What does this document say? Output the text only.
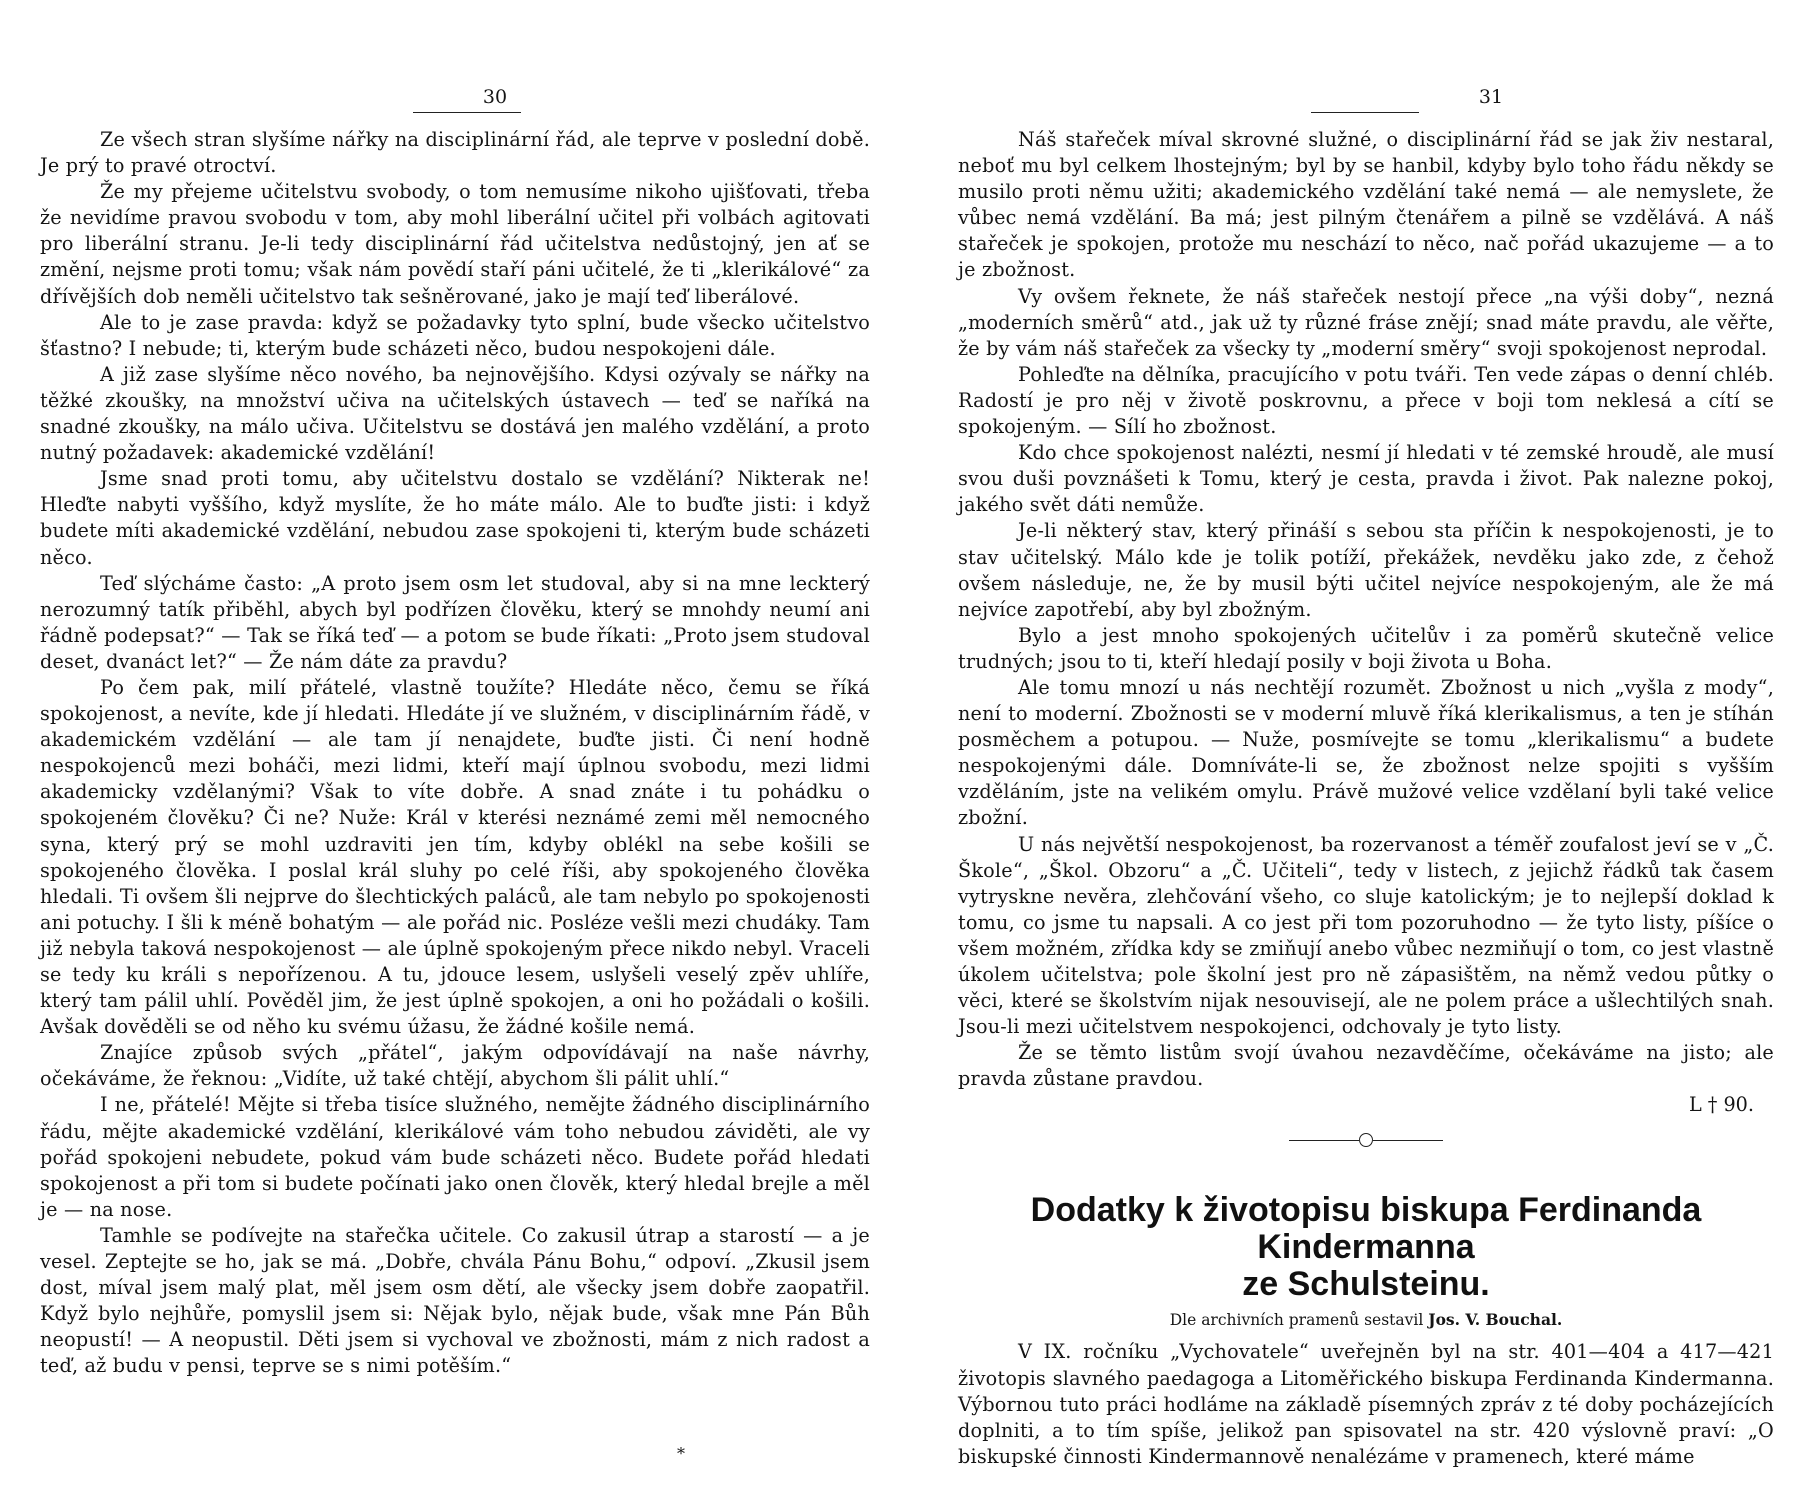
30

Ze všech stran slyšíme nářky na disciplinární řád, ale teprve v poslední době. Je prý to pravé otroctví.

Že my přejeme učitelstvu svobody, o tom nemusíme nikoho ujišťovati, třeba že nevidíme pravou svobodu v tom, aby mohl liberální učitel při volbách agitovati pro liberální stranu. Je-li tedy disciplinární řád učitelstva nedůstojný, jen ať se změní, nejsme proti tomu; však nám povědí staří páni učitelé, že ti „klerikálové“ za dřívějších dob neměli učitelstvo tak sešněrované, jako je mají teď liberálové.

Ale to je zase pravda: když se požadavky tyto splní, bude všecko učitelstvo šťastno? I nebude; ti, kterým bude scházeti něco, budou nespokojeni dále.

A již zase slyšíme něco nového, ba nejnovějšího. Kdysi ozývaly se nářky na těžké zkoušky, na množství učiva na učitelských ústavech — teď se naříká na snadné zkoušky, na málo učiva. Učitelstvu se dostává jen malého vzdělání, a proto nutný požadavek: akademické vzdělání!

Jsme snad proti tomu, aby učitelstvu dostalo se vzdělání? Nikterak ne! Hleďte nabyti vyššího, když myslíte, že ho máte málo. Ale to buďte jisti: i když budete míti akademické vzdělání, nebudou zase spokojeni ti, kterým bude scházeti něco.

Teď slýcháme často: „A proto jsem osm let studoval, aby si na mne leckterý nerozumný tatík přiběhl, abych byl podřízen člověku, který se mnohdy neumí ani řádně podepsat?“ — Tak se říká teď — a potom se bude říkati: „Proto jsem studoval deset, dvanáct let?“ — Že nám dáte za pravdu?

Po čem pak, milí přátelé, vlastně toužíte? Hledáte něco, čemu se říká spokojenost, a nevíte, kde jí hledati. Hledáte jí ve služném, v disciplinárním řádě, v akademickém vzdělání — ale tam jí nenajdete, buďte jisti. Či není hodně nespokojenců mezi boháči, mezi lidmi, kteří mají úplnou svobodu, mezi lidmi akademicky vzdělanými? Však to víte dobře. A snad znáte i tu pohádku o spokojeném člověku? Či ne? Nuže: Král v kterési neznámé zemi měl nemocného syna, který prý se mohl uzdraviti jen tím, kdyby oblékl na sebe košili se spokojeného člověka. I poslal král sluhy po celé říši, aby spokojeného člověka hledali. Ti ovšem šli nejprve do šlechtických paláců, ale tam nebylo po spokojenosti ani potuchy. I šli k méně bohatým — ale pořád nic. Posléze vešli mezi chudáky. Tam již nebyla taková nespokojenost — ale úplně spokojeným přece nikdo nebyl. Vraceli se tedy ku králi s nepořízenou. A tu, jdouce lesem, uslyšeli veselý zpěv uhlíře, který tam pálil uhlí. Pověděl jim, že jest úplně spokojen, a oni ho požádali o košili. Avšak dověděli se od něho ku svému úžasu, že žádné košile nemá.

Znajíce způsob svých „přátel“, jakým odpovídávají na naše návrhy, očekáváme, že řeknou: „Vidíte, už také chtějí, abychom šli pálit uhlí.“

I ne, přátelé! Mějte si třeba tisíce služného, nemějte žádného disciplinárního řádu, mějte akademické vzdělání, klerikálové vám toho nebudou záviděti, ale vy pořád spokojeni nebudete, pokud vám bude scházeti něco. Budete pořád hledati spokojenost a při tom si budete počínati jako onen člověk, který hledal brejle a měl je — na nose.

Tamhle se podívejte na stařečka učitele. Co zakusil útrap a starostí — a je vesel. Zeptejte se ho, jak se má. „Dobře, chvála Pánu Bohu,“ odpoví. „Zkusil jsem dost, míval jsem malý plat, měl jsem osm dětí, ale všecky jsem dobře zaopatřil. Když bylo nejhůře, pomyslil jsem si: Nějak bylo, nějak bude, však mne Pán Bůh neopustí! — A neopustil. Děti jsem si vychoval ve zbožnosti, mám z nich radost a teď, až budu v pensi, teprve se s nimi potěším.“

31

Náš stařeček míval skrovné služné, o disciplinární řád se jak živ nestaral, neboť mu byl celkem lhostejným; byl by se hanbil, kdyby bylo toho řádu někdy se musilo proti němu užiti; akademického vzdělání také nemá — ale nemyslete, že vůbec nemá vzdělání. Ba má; jest pilným čtenářem a pilně se vzdělává. A náš stařeček je spokojen, protože mu neschází to něco, nač pořád ukazujeme — a to je zbožnost.

Vy ovšem řeknete, že náš stařeček nestojí přece „na výši doby“, nezná „moderních směrů“ atd., jak už ty různé fráse znějí; snad máte pravdu, ale věřte, že by vám náš stařeček za všecky ty „moderní směry“ svoji spokojenost neprodal.

Pohleďte na dělníka, pracujícího v potu tváři. Ten vede zápas o denní chléb. Radostí je pro něj v životě poskrovnu, a přece v boji tom neklesá a cítí se spokojeným. — Sílí ho zbožnost.

Kdo chce spokojenost nalézti, nesmí jí hledati v té zemské hroudě, ale musí svou duši povznášeti k Tomu, který je cesta, pravda i život. Pak nalezne pokoj, jakého svět dáti nemůže.

Je-li některý stav, který přináší s sebou sta příčin k nespokojenosti, je to stav učitelský. Málo kde je tolik potíží, překážek, nevděku jako zde, z čehož ovšem následuje, ne, že by musil býti učitel nejvíce nespokojeným, ale že má nejvíce zapotřebí, aby byl zbožným.

Bylo a jest mnoho spokojených učitelův i za poměrů skutečně velice trudných; jsou to ti, kteří hledají posily v boji života u Boha.

Ale tomu mnozí u nás nechtějí rozumět. Zbožnost u nich „vyšla z mody“, není to moderní. Zbožnosti se v moderní mluvě říká klerikalismus, a ten je stíhán posměchem a potupou. — Nuže, posmívejte se tomu „klerikalismu“ a budete nespokojenými dále. Domníváte-li se, že zbožnost nelze spojiti s vyšším vzděláním, jste na velikém omylu. Právě mužové velice vzdělaní byli také velice zbožní.

U nás největší nespokojenost, ba rozervanost a téměř zoufalost jeví se v „Č. Škole“, „Škol. Obzoru“ a „Č. Učiteli“, tedy v listech, z jejichž řádků tak časem vytryskne nevěra, zlehčování všeho, co sluje katolickým; je to nejlepší doklad k tomu, co jsme tu napsali. A co jest při tom pozoruhodno — že tyto listy, píšíce o všem možném, zřídka kdy se zmiňují anebo vůbec nezmiňují o tom, co jest vlastně úkolem učitelstva; pole školní jest pro ně zápasištěm, na němž vedou půtky o věci, které se školstvím nijak nesouvisejí, ale ne polem práce a ušlechtilých snah. Jsou-li mezi učitelstvem nespokojenci, odchovaly je tyto listy.

Že se těmto listům svojí úvahou nezavděčíme, očekáváme na jisto; ale pravda zůstane pravdou.

L † 90.
Dodatky k životopisu biskupa Ferdinanda Kindermanna
ze Schulsteinu.
Dle archivních pramenů sestavil Jos. V. Bouchal.

V IX. ročníku „Vychovatele“ uveřejněn byl na str. 401—404 a 417—421 životopis slavného paedagoga a Litoměřického biskupa Ferdinanda Kindermanna. Výbornou tuto práci hodláme na základě písemných zpráv z té doby pocházejících doplniti, a to tím spíše, jelikož pan spisovatel na str. 420 výslovně praví: „O biskupské činnosti Kindermannově nenalézáme v pramenech, které máme

*
